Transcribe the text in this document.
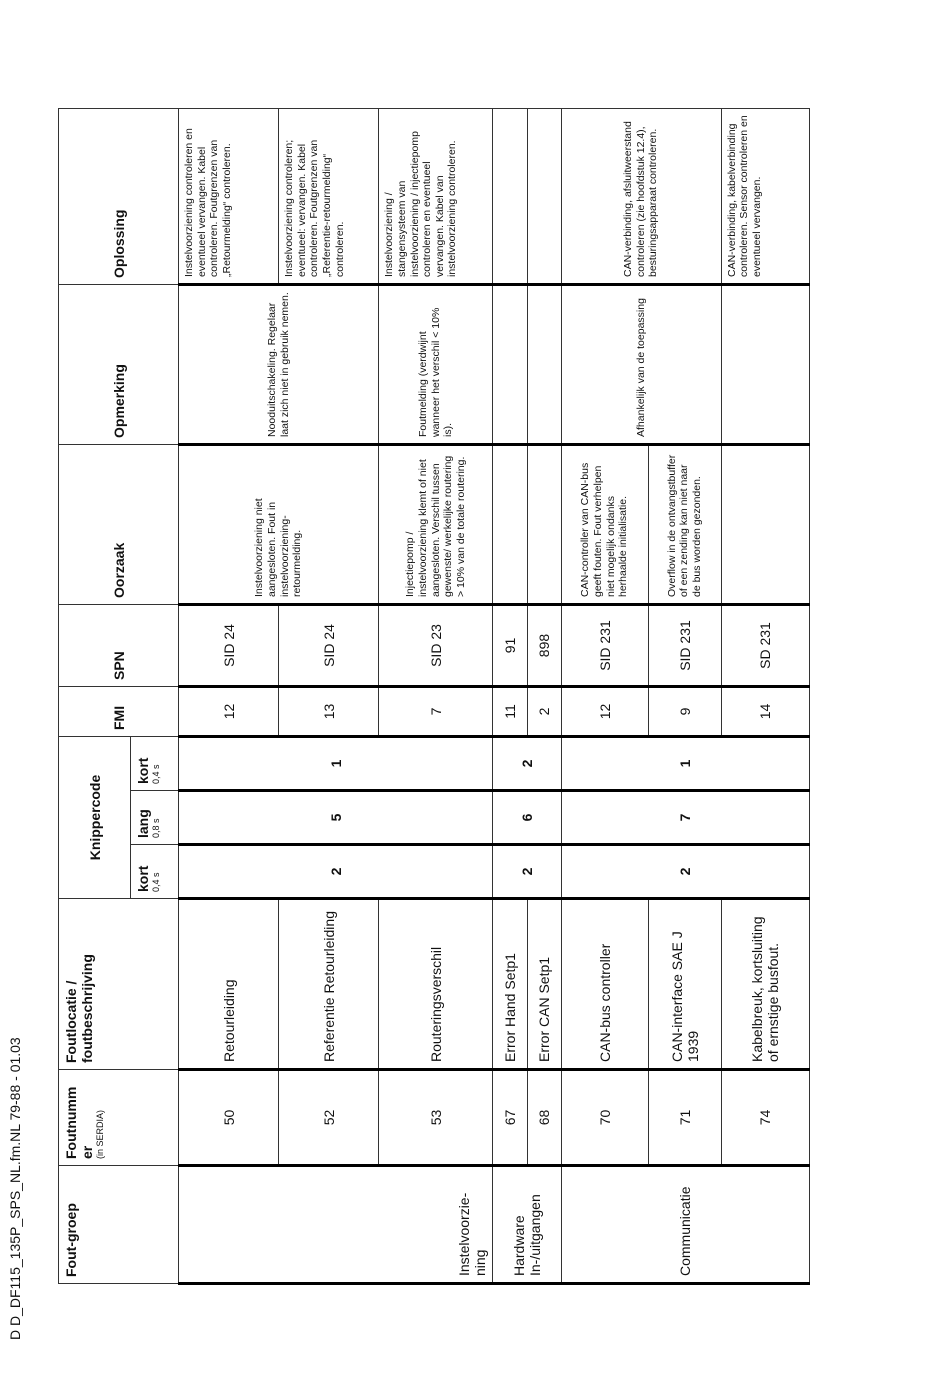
D D_DF115_135P_SPS_NL.fm.NL 79-88 - 01.03	Fout-groep	Foutnumm er (in SERDIA)	Foutlocatie / foutbeschrijving	Knippercode			FMI	SPN	Oorzaak	Opmerking	Oplossing
			kort 0,4 s	lang 0,8 s	kort 0,4 s					

Instelvoorzie-ning	50	Retourleiding	2	5	1	12	SID 24	Instelvoorziening niet aangesloten. Fout in instelvoorziening-retourmelding.	Nooduitschakeling. Regelaar laat zich niet in gebruik nemen.	Instelvoorziening controleren en eventueel vervangen. Kabel controleren. Foutgrenzen van „Retourmelding“ controleren.
	52	Referentie Retourleiding				13	SID 24			Instelvoorziening controleren; eventueel: vervangen. Kabel controleren. Foutgrenzen van „Referentie-retourmelding“ controleren.
	53	Routeringsverschil				7	SID 23	Injectiepomp / instelvoorziening klemt of niet aangesloten. Verschil tussen gewenste/ werkelijke routering > 10% van de totale routering.	Foutmelding (verdwijnt wanneer het verschil < 10% is).	Instelvoorziening / stangensysteem van instelvoorziening / injectiepomp controleren en eventueel vervangen. Kabel van instelvoorziening controleren.
Hardware In-/uitgangen	67	Error Hand Setp1	2	6	2	11	91			
	68	Error CAN Setp1				2	898			
Communicatie	70	CAN-bus controller	2	7	1	12	SID 231	CAN-controller van CAN-bus geeft fouten. Fout verhelpen niet mogelijk ondanks herhaalde initialisatie.	Afhankelijk van de toepassing	CAN-verbinding, afsluitweerstand controleren (zie hoofdstuk 12.4), besturingsapparaat controleren.
	71	CAN-interface SAE J 1939				9	SID 231	Overflow in de ontvangstbuffer of een zending kan niet naar de bus worden gezonden.		
	74	Kabelbreuk, kortsluiting of ernstige busfout.				14	SD 231			CAN-verbinding, kabelverbinding controleren. Sensor controleren en eventueel vervangen.
